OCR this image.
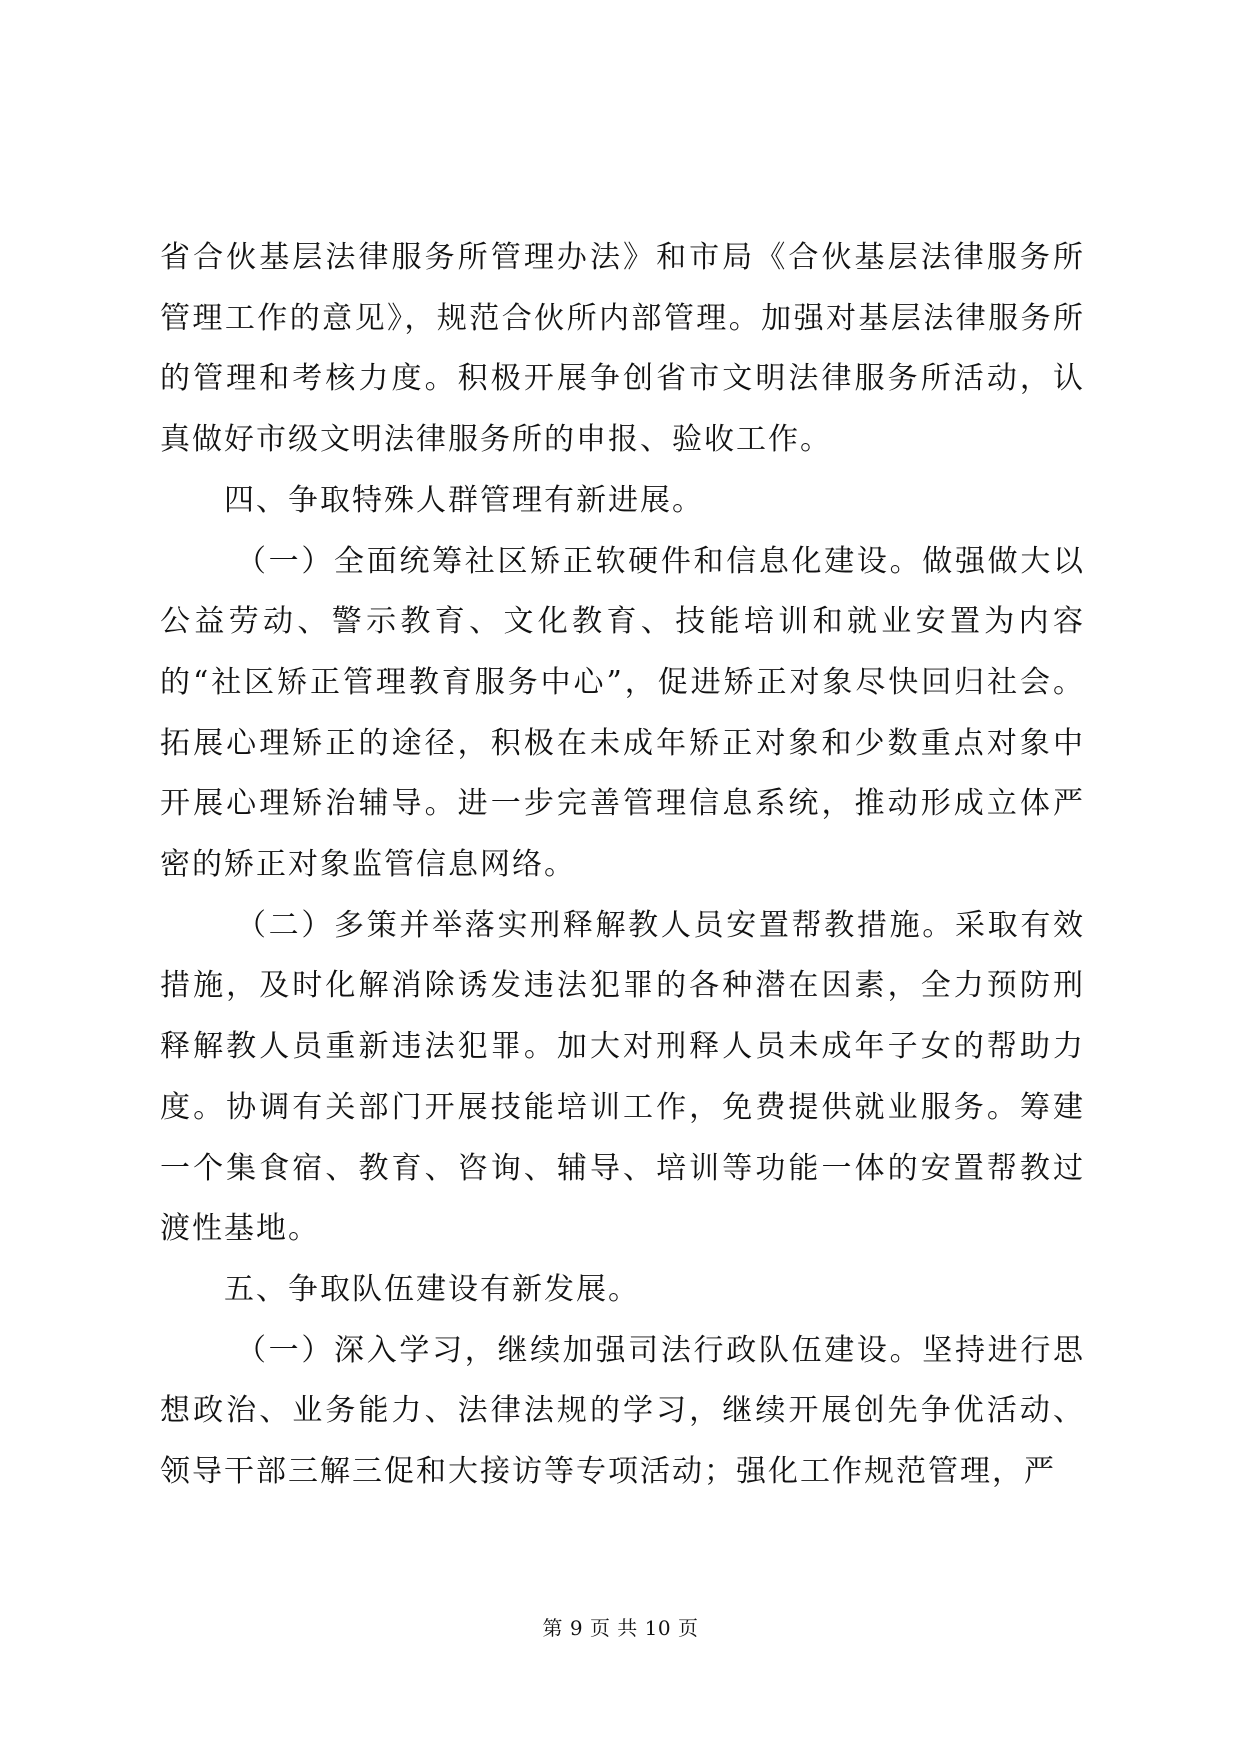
省合伙基层法律服务所管理办法》和市局《合伙基层法律服务所管理工作的意见》，规范合伙所内部管理。加强对基层法律服务所的管理和考核力度。积极开展争创省市文明法律服务所活动，认真做好市级文明法律服务所的申报、验收工作。

四、争取特殊人群管理有新进展。

（一）全面统筹社区矫正软硬件和信息化建设。做强做大以公益劳动、警示教育、文化教育、技能培训和就业安置为内容的“社区矫正管理教育服务中心”，促进矫正对象尽快回归社会。拓展心理矫正的途径，积极在未成年矫正对象和少数重点对象中开展心理矫治辅导。进一步完善管理信息系统，推动形成立体严密的矫正对象监管信息网络。

（二）多策并举落实刑释解教人员安置帮教措施。采取有效措施，及时化解消除诱发违法犯罪的各种潜在因素，全力预防刑释解教人员重新违法犯罪。加大对刑释人员未成年子女的帮助力度。协调有关部门开展技能培训工作，免费提供就业服务。筹建一个集食宿、教育、咨询、辅导、培训等功能一体的安置帮教过渡性基地。

五、争取队伍建设有新发展。

（一）深入学习，继续加强司法行政队伍建设。坚持进行思想政治、业务能力、法律法规的学习，继续开展创先争优活动、领导干部三解三促和大接访等专项活动；强化工作规范管理，严

第 9 页 共 10 页
